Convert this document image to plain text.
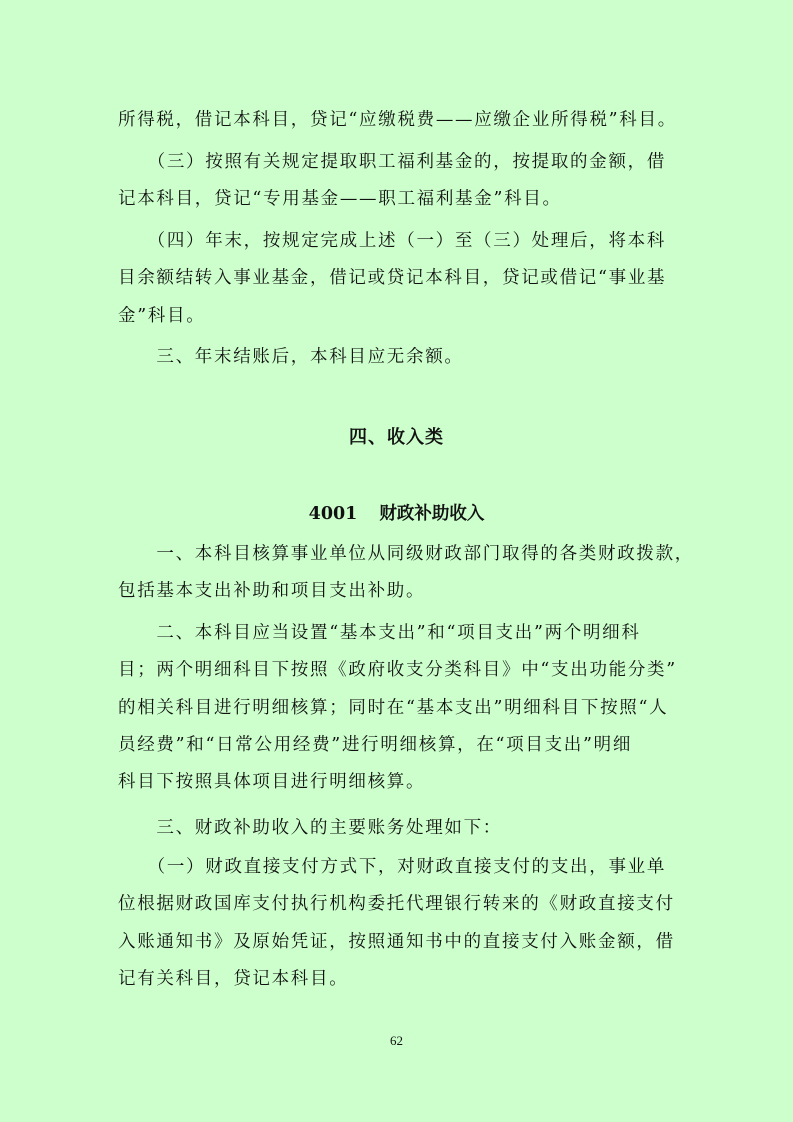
所得税，借记本科目，贷记“应缴税费——应缴企业所得税”科目。

　　（三）按照有关规定提取职工福利基金的，按提取的金额，借
记本科目，贷记“专用基金——职工福利基金”科目。

　　（四）年末，按规定完成上述（一）至（三）处理后，将本科
目余额结转入事业基金，借记或贷记本科目，贷记或借记“事业基
金”科目。

　　三、年末结账后，本科目应无余额。

四、收入类
4001 财政补助收入

　　一、本科目核算事业单位从同级财政部门取得的各类财政拨款，
包括基本支出补助和项目支出补助。

　　二、本科目应当设置“基本支出”和“项目支出”两个明细科
目；两个明细科目下按照《政府收支分类科目》中“支出功能分类”
的相关科目进行明细核算；同时在“基本支出”明细科目下按照“人
员经费”和“日常公用经费”进行明细核算，在“项目支出”明细
科目下按照具体项目进行明细核算。

　　三、财政补助收入的主要账务处理如下：

　　（一）财政直接支付方式下，对财政直接支付的支出，事业单
位根据财政国库支付执行机构委托代理银行转来的《财政直接支付
入账通知书》及原始凭证，按照通知书中的直接支付入账金额，借
记有关科目，贷记本科目。

62
